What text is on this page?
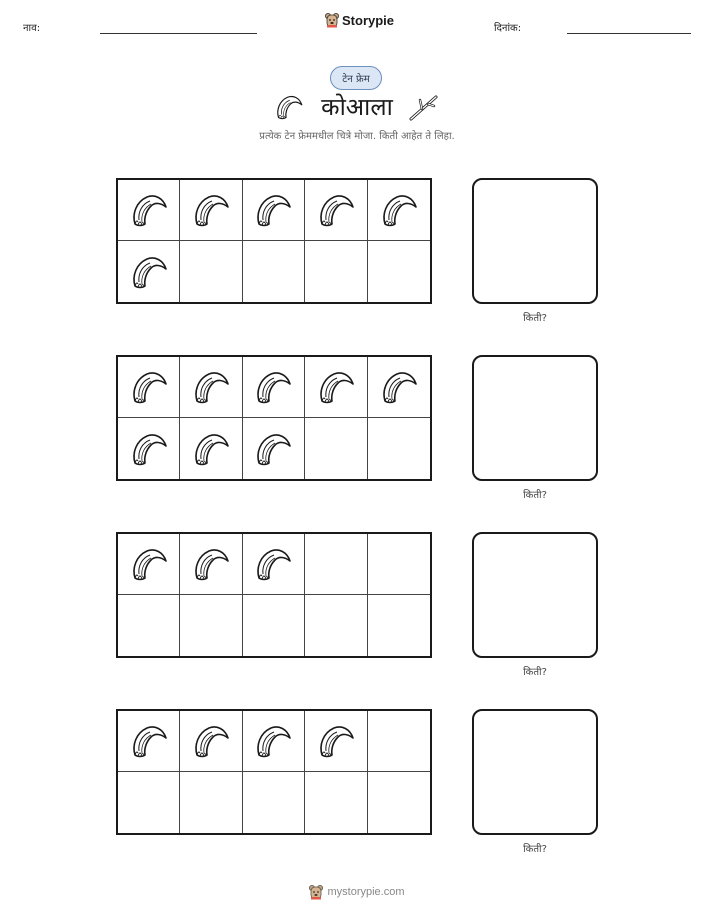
नाव:
Storypie
दिनांक:
टेन फ्रेम
कोआला
प्रत्येक टेन फ्रेममधील चित्रे मोजा. किती आहेत ते लिहा.
किती?
किती?
किती?
किती?
mystorypie.com
